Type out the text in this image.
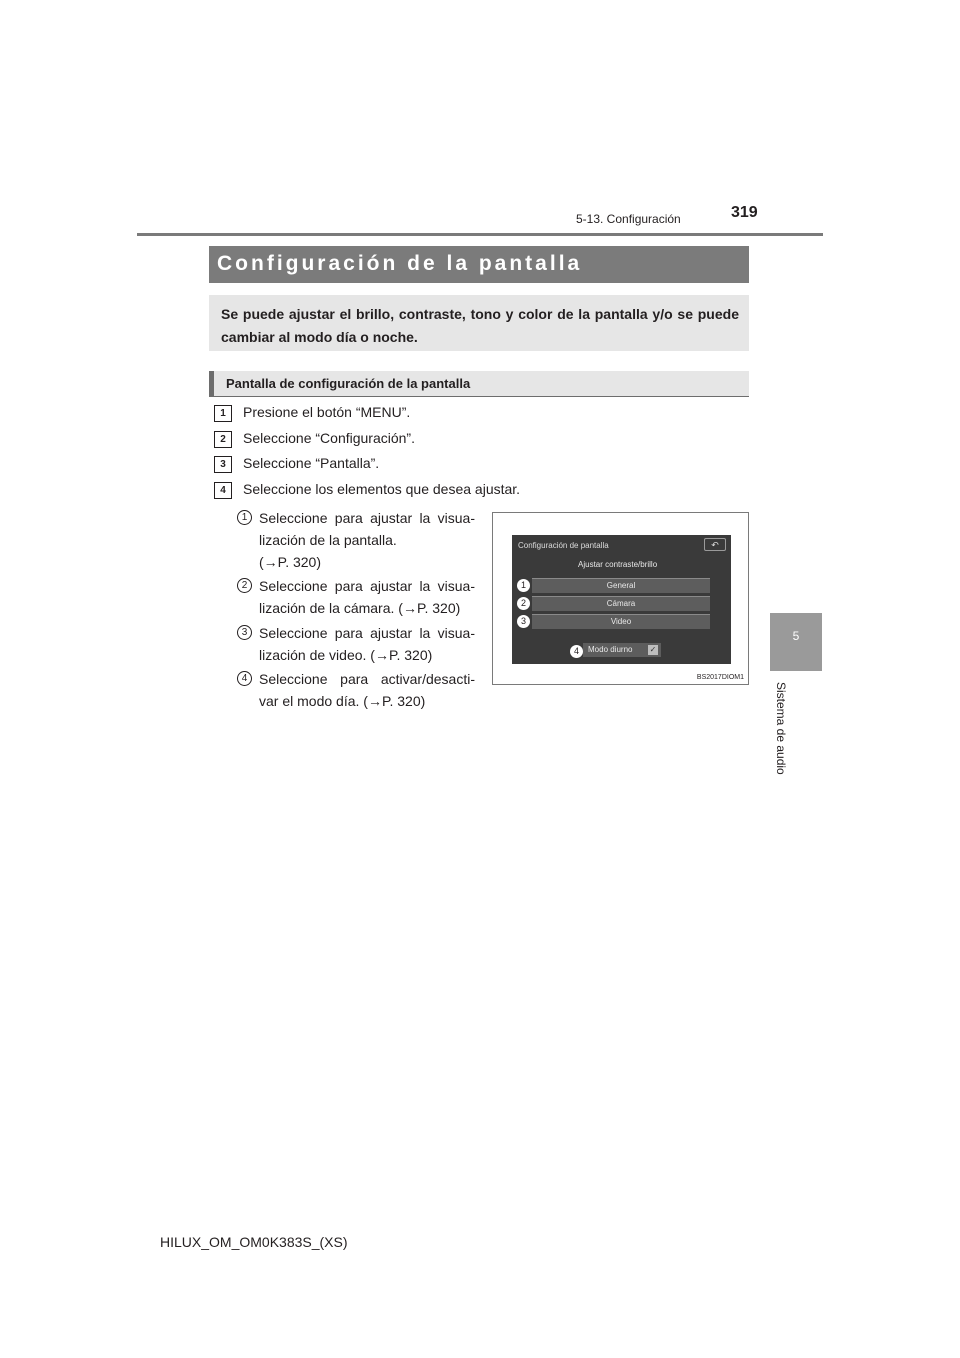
5-13. Configuración	319
5
Sistema de audio
Configuración de la pantalla
Se puede ajustar el brillo, contraste, tono y color de la pantalla y/o se puede cambiar al modo día o noche.
Pantalla de configuración de la pantalla
1	Presione el botón “MENU”.
2	Seleccione “Configuración”.
3	Seleccione “Pantalla”.
4	Seleccione los elementos que desea ajustar.
1 Seleccione para ajustar la visua-
lización de la pantalla.
(→P. 320)
2 Seleccione para ajustar la visua-
lización de la cámara. (→P. 320)
3 Seleccione para ajustar la visua-
lización de video. (→P. 320)
4 Seleccione para activar/desacti-
var el modo día. (→P. 320)
Configuración de pantalla	↶
Ajustar contraste/brillo
General
1
Cámara
2
Video
3
Modo diurno ✓
4
BS2017DIOM1
HILUX_OM_OM0K383S_(XS)
